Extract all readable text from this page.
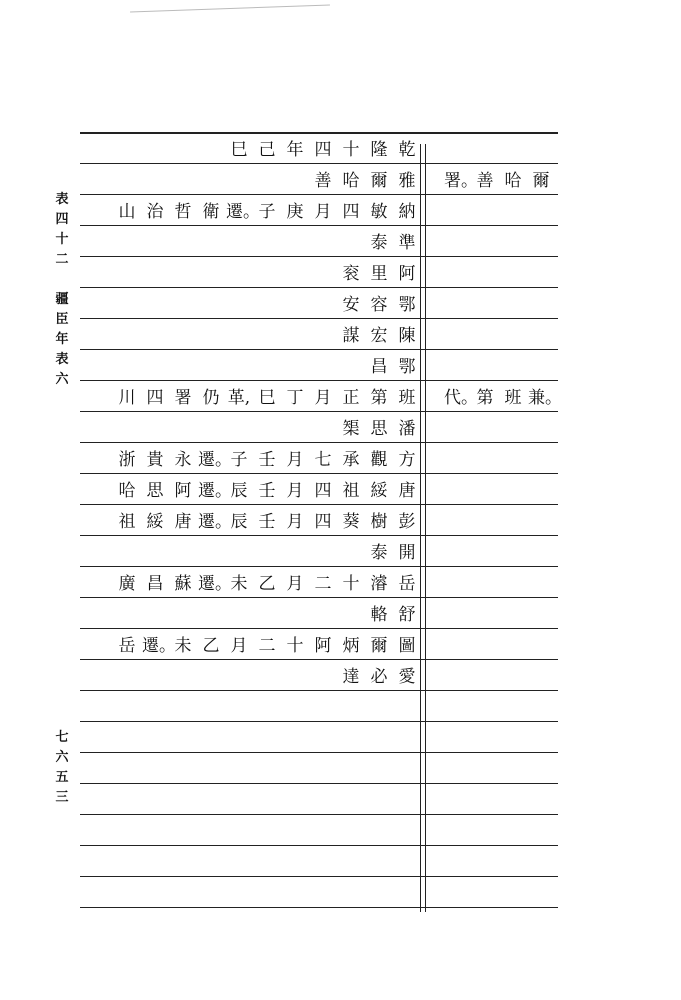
表
四
十
二

疆
臣
年
表
六
七
六
五
三
乾
隆
十
四
年
己
巳
雅
爾
哈
善	爾
哈
善
署。
納
敏
四
月
庚
子
遷。
衛
哲
治
山
準
泰
阿
里
衮
鄂
容
安
陳
宏
謀
鄂
昌
班
第
正
月
丁
巳
革,
仍
署
四
川	兼。
班
第
代。
潘
思
榘
方
觀
承
七
月
壬
子
遷。
永
貴
浙
唐
綏
祖
四
月
壬
辰
遷。
阿
思
哈
彭
樹
葵
四
月
壬
辰
遷。
唐
綏
祖
開
泰
岳
濬
十
二
月
乙
未
遷。
蘇
昌
廣
舒
輅
圖
爾
炳
阿
十
二
月
乙
未
遷。
岳
愛
必
達
